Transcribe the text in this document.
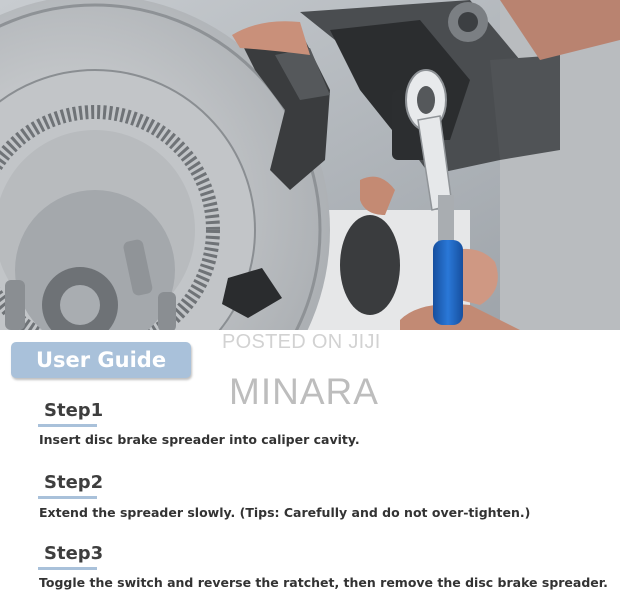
User Guide
POSTED ON JIJI
MINARA
Step1
Insert disc brake spreader into caliper cavity.
Step2
Extend the spreader slowly. (Tips: Carefully and do not over-tighten.)
Step3
Toggle the switch and reverse the ratchet, then remove the disc brake spreader.
